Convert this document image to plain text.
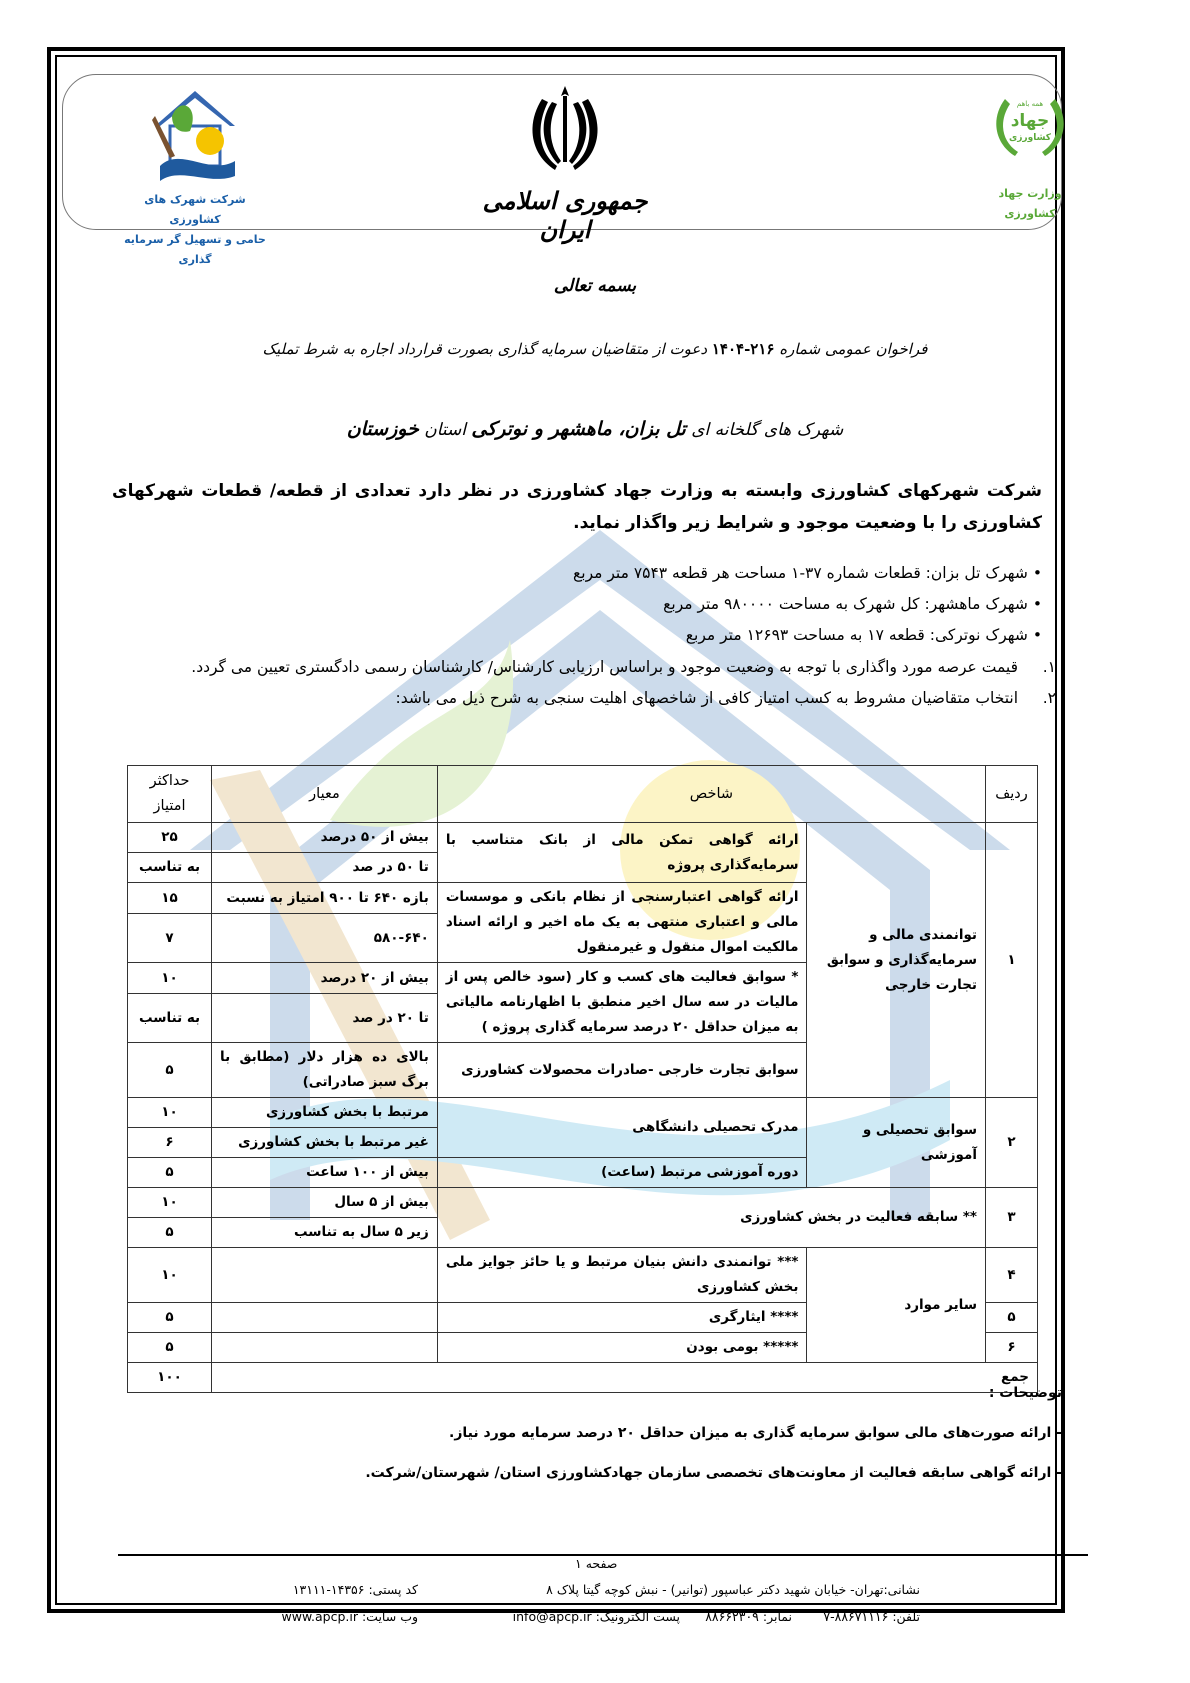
شرکت شهرک های کشاورزی
حامی و تسهیل گر سرمایه گذاری
جمهوری اسلامی ایران
همه باهم
جهاد
کشاورزی
وزارت جهاد کشاورزی
بسمه تعالی
فراخوان عمومی شماره ۲۱۶-۱۴۰۴ دعوت از متقاضیان سرمایه گذاری بصورت قرارداد اجاره به شرط تملیک
شهرک های گلخانه ای تل بزان، ماهشهر و نوترکی استان خوزستان
شرکت شهرکهای کشاورزی وابسته به وزارت جهاد کشاورزی در نظر دارد تعدادی از قطعه/ قطعات شهرکهای کشاورزی را با وضعیت موجود و شرایط زیر واگذار نماید.
• شهرک تل بزان: قطعات شماره ۳۷-۱ مساحت هر قطعه ۷۵۴۳ متر مربع
• شهرک ماهشهر: کل شهرک به مساحت ۹۸۰۰۰۰ متر مربع
• شهرک نوترکی: قطعه ۱۷ به مساحت ۱۲۶۹۳ متر مربع
۱.
قیمت عرصه مورد واگذاری با توجه به وضعیت موجود و براساس ارزیابی کارشناس/ کارشناسان رسمی دادگستری تعیین می گردد.
۲.
انتخاب متقاضیان مشروط به کسب امتیاز کافی از شاخصهای اهلیت سنجی به شرح ذیل می باشد:
ردیف	شاخص		معیار	حداکثر امتیاز
۱	توانمندی مالی و سرمایه‌گذاری و سوابق تجارت خارجی	ارائه گواهی تمکن مالی از بانک متناسب با سرمایه‌گذاری پروژه	بیش از ۵۰ درصد	۲۵
			تا ۵۰ در صد	به تناسب
		ارائه گواهی اعتبارسنجی از نظام بانکی و موسسات مالی و اعتباری منتهی به یک ماه اخیر و ارائه اسناد مالکیت اموال منقول و غیرمنقول	بازه ۶۴۰ تا ۹۰۰ امتیاز به نسبت	۱۵
			۵۸۰-۶۴۰	۷
		* سوابق فعالیت های کسب و کار (سود خالص پس از مالیات در سه سال اخیر منطبق با اظهارنامه مالیاتی به میزان حداقل ۲۰ درصد سرمایه گذاری پروژه )	بیش از ۲۰ درصد	۱۰
			تا ۲۰ در صد	به تناسب
		سوابق تجارت خارجی -صادرات محصولات کشاورزی	بالای ده هزار دلار (مطابق با برگ سبز صادراتی)	۵
۲	سوابق تحصیلی و آموزشی	مدرک تحصیلی دانشگاهی	مرتبط با بخش کشاورزی	۱۰
			غیر مرتبط با بخش کشاورزی	۶
		دوره آموزشی مرتبط (ساعت)	بیش از ۱۰۰ ساعت	۵
۳	** سابقه فعالیت در بخش کشاورزی		بیش از ۵ سال	۱۰
			زیر ۵ سال به تناسب	۵
۴	سایر موارد	*** توانمندی دانش بنیان مرتبط و یا حائز جوایز ملی بخش کشاورزی		۱۰
۵		**** ایثارگری		۵
۶		***** بومی بودن		۵
جمع				۱۰۰
توضیحات :
- ارائه صورت‌های مالی سوابق سرمایه گذاری به میزان حداقل ۲۰ درصد سرمایه مورد نیاز.
- ارائه گواهی سابقه فعالیت از معاونت‌های تخصصی سازمان جهادکشاورزی استان/ شهرستان/شرکت.
صفحه ۱
نشانی:تهران- خیابان شهید دکتر عباسپور (توانیر) - نبش کوچه گیتا پلاک ۸
کد پستی: ۱۴۳۵۶-۱۳۱۱۱
تلفن: ۸۸۶۷۱۱۱۶-۷
نمابر: ۸۸۶۶۲۳۰۹
پست الکترونیک: info@apcp.ir
وب سایت: www.apcp.ir
